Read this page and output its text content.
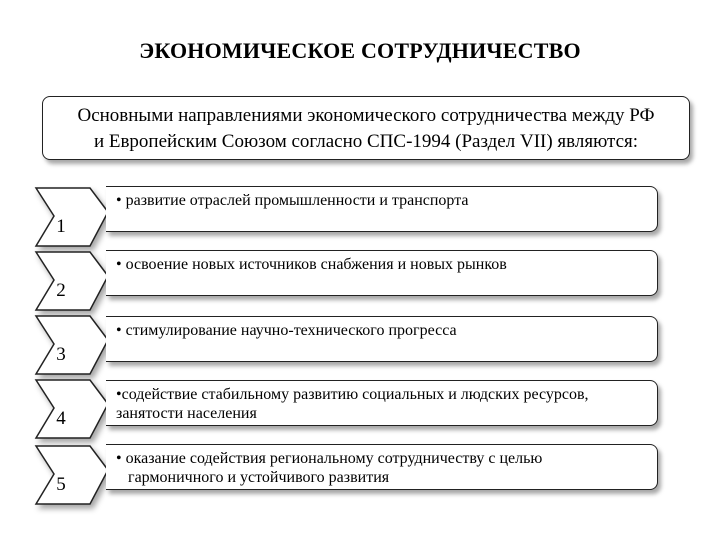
ЭКОНОМИЧЕСКОЕ СОТРУДНИЧЕСТВО
Основными направлениями экономического сотрудничества между РФ
и Европейским Союзом согласно СПС-1994 (Раздел VII) являются:
1
• развитие отраслей промышленности и транспорта
2
• освоение новых источников снабжения и новых рынков
3
• стимулирование научно-технического прогресса
4
•содействие стабильному развитию социальных и людских ресурсов,
занятости населения
5
• оказание содействия региональному сотрудничеству с целью
гармоничного и устойчивого развития
